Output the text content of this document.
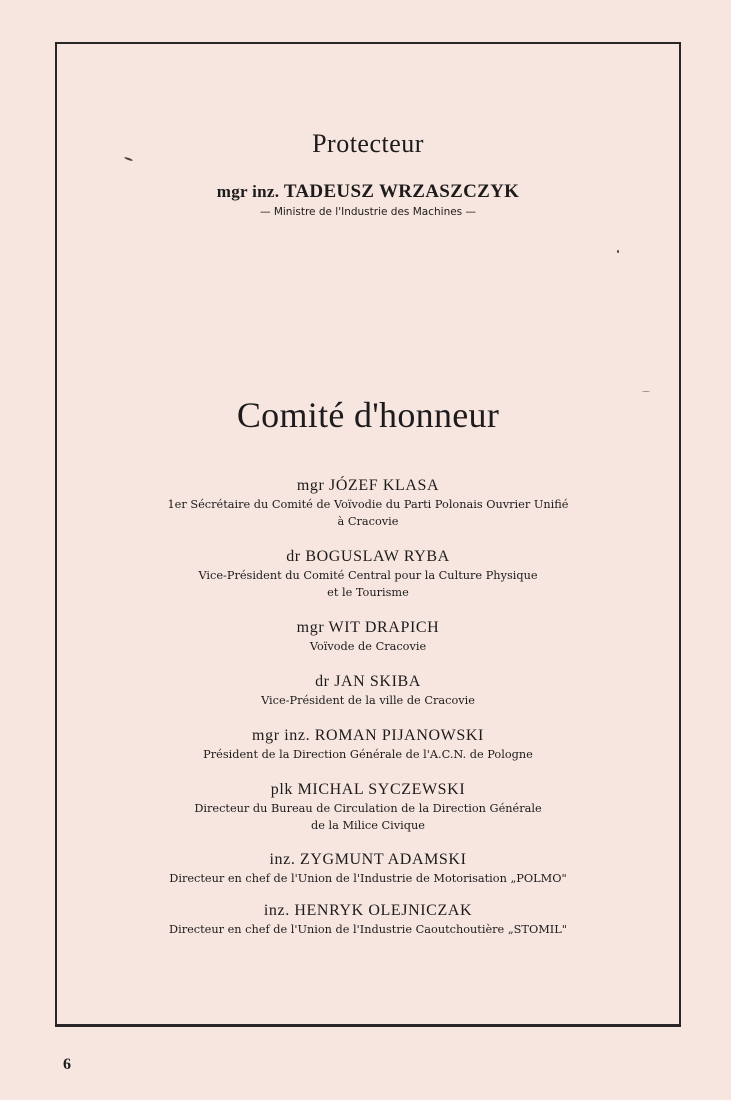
Protecteur
mgr inz. TADEUSZ WRZASZCZYK
— Ministre de l'Industrie des Machines —
Comité d'honneur
mgr JÓZEF KLASA
1er Sécrétaire du Comité de Voïvodie du Parti Polonais Ouvrier Unifié
à Cracovie
dr BOGUSLAW RYBA
Vice-Président du Comité Central pour la Culture Physique
et le Tourisme
mgr WIT DRAPICH
Voïvode de Cracovie
dr JAN SKIBA
Vice-Président de la ville de Cracovie
mgr inz. ROMAN PIJANOWSKI
Président de la Direction Générale de l'A.C.N. de Pologne
plk MICHAL SYCZEWSKI
Directeur du Bureau de Circulation de la Direction Générale
de la Milice Civique
inz. ZYGMUNT ADAMSKI
Directeur en chef de l'Union de l'Industrie de Motorisation „POLMO"
inz. HENRYK OLEJNICZAK
Directeur en chef de l'Union de l'Industrie Caoutchoutière „STOMIL"
6
